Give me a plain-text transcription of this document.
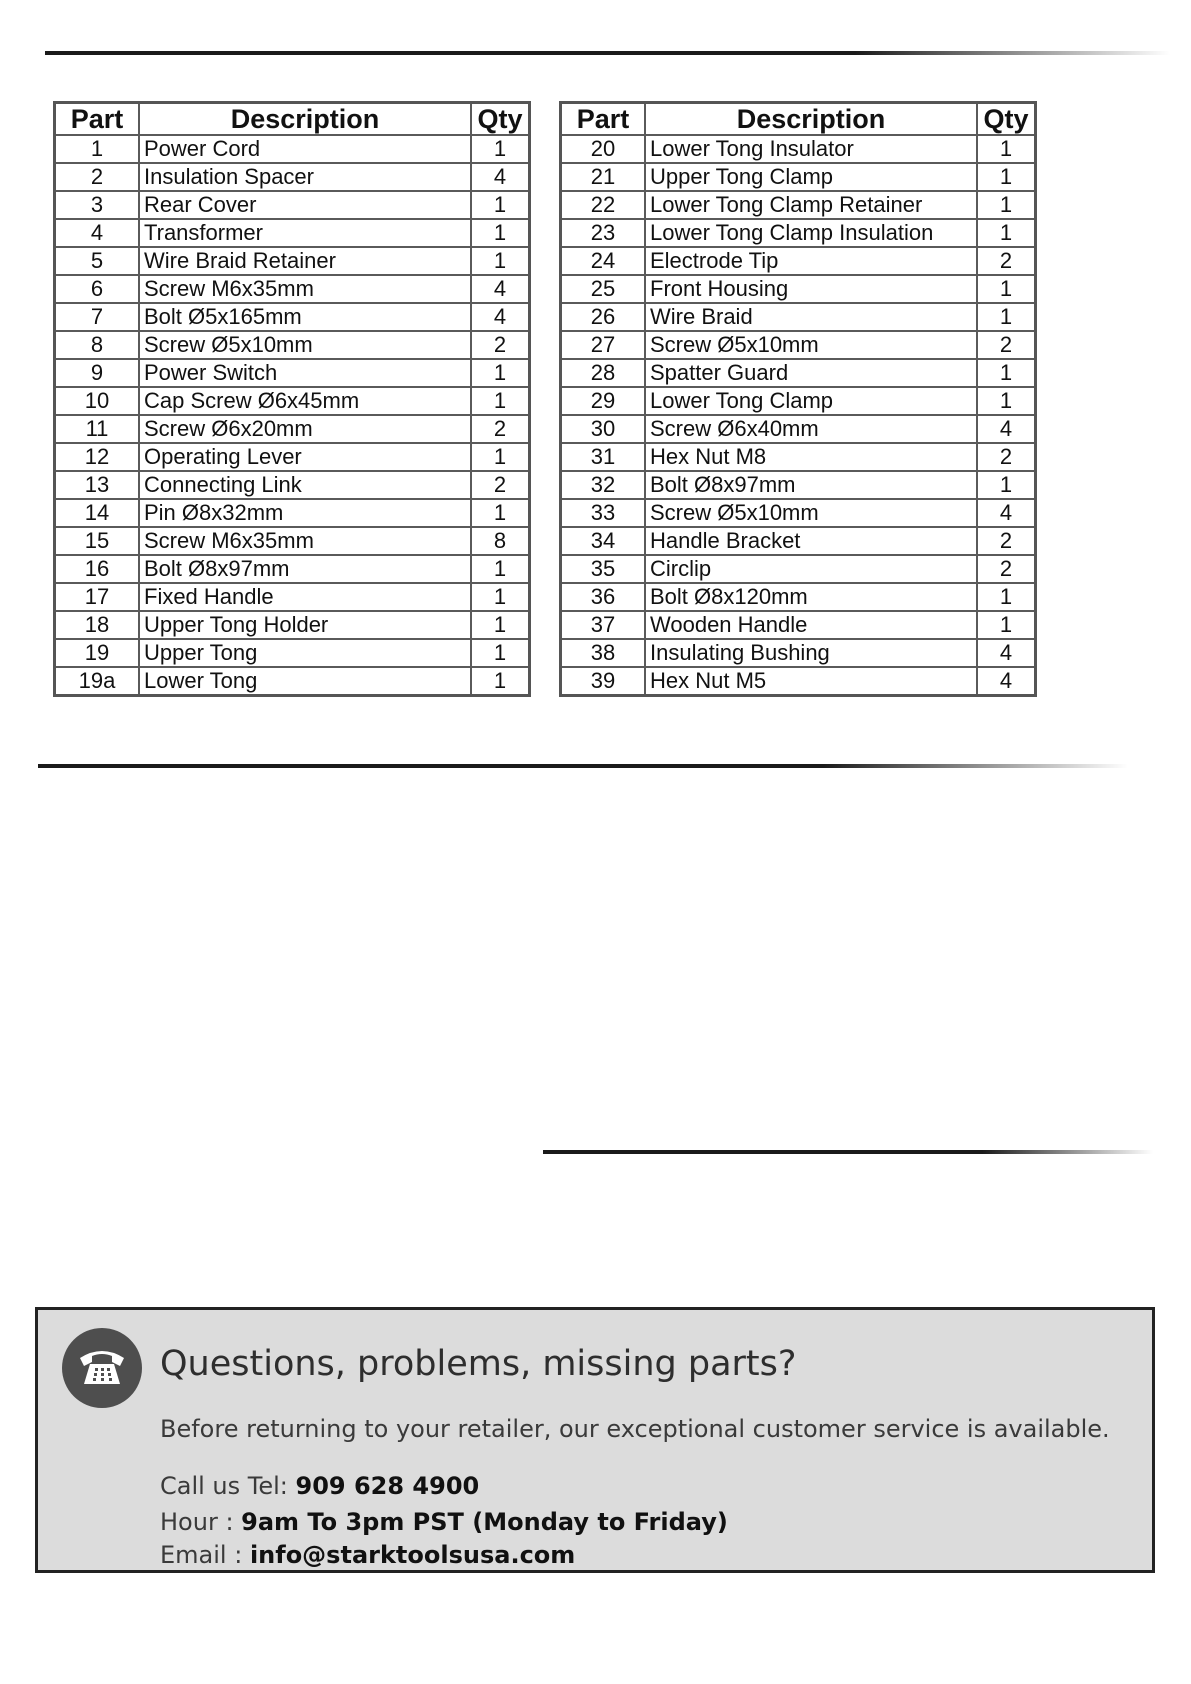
Part	Description	Qty
1	Power Cord	1
2	Insulation Spacer	4
3	Rear Cover	1
4	Transformer	1
5	Wire Braid Retainer	1
6	Screw M6x35mm	4
7	Bolt Ø5x165mm	4
8	Screw Ø5x10mm	2
9	Power Switch	1
10	Cap Screw Ø6x45mm	1
11	Screw Ø6x20mm	2
12	Operating Lever	1
13	Connecting Link	2
14	Pin Ø8x32mm	1
15	Screw M6x35mm	8
16	Bolt Ø8x97mm	1
17	Fixed Handle	1
18	Upper Tong Holder	1
19	Upper Tong	1
19a	Lower Tong	1
Part	Description	Qty
20	Lower Tong Insulator	1
21	Upper Tong Clamp	1
22	Lower Tong Clamp Retainer	1
23	Lower Tong Clamp Insulation	1
24	Electrode Tip	2
25	Front Housing	1
26	Wire Braid	1
27	Screw Ø5x10mm	2
28	Spatter Guard	1
29	Lower Tong Clamp	1
30	Screw Ø6x40mm	4
31	Hex Nut M8	2
32	Bolt Ø8x97mm	1
33	Screw Ø5x10mm	4
34	Handle Bracket	2
35	Circlip	2
36	Bolt Ø8x120mm	1
37	Wooden Handle	1
38	Insulating Bushing	4
39	Hex Nut M5	4
Questions, problems, missing parts?
Before returning to your retailer, our exceptional customer service is available.
Call us Tel: 909 628 4900
Hour : 9am To 3pm PST (Monday to Friday)
Email : info@starktoolsusa.com
